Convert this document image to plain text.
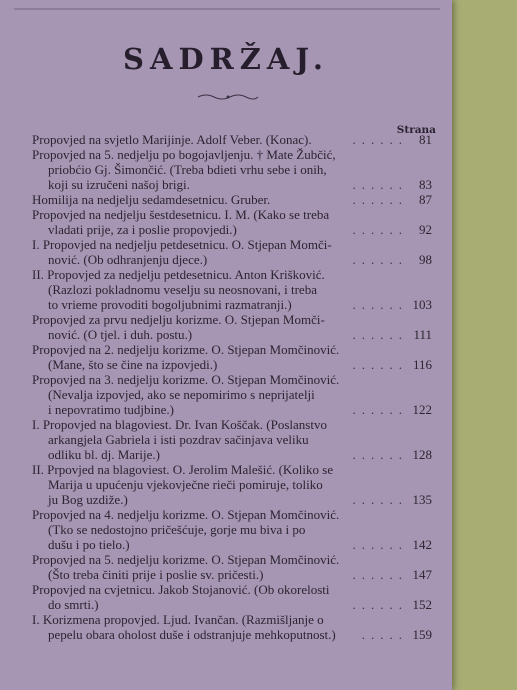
SADRŽAJ.
Strana
Propovjed na svjetlo Marijinje. Adolf Veber. (Konac).	81
......
Propovjed na 5. nedjelju po bogojavljenju. † Mate Žubčić,
priobćio Gj. Šimončić. (Treba bdieti vrhu sebe i onih,
koji su izručeni našoj brigi.	83
......
Homilija na nedjelju sedamdesetnicu. Gruber.	87
......
Propovjed na nedjelju šestdesetnicu. I. M. (Kako se treba
vladati prije, za i poslie propovjedi.)	92
......
I. Propovjed na nedjelju petdesetnicu. O. Stjepan Momči-
nović. (Ob odhranjenju djece.)	98
......
II. Propovjed za nedjelju petdesetnicu. Anton Krišković.
(Razlozi pokladnomu veselju su neosnovani, i treba
to vrieme provoditi bogoljubnimi razmatranji.)	103
......
Propovjed za prvu nedjelju korizme. O. Stjepan Momči-
nović. (O tjel. i duh. postu.)	111
......
Propovjed na 2. nedjelju korizme. O. Stjepan Momčinović.
(Mane, što se čine na izpovjedi.)	116
......
Propovjed na 3. nedjelju korizme. O. Stjepan Momčinović.
(Nevalja izpovjed, ako se nepomirimo s neprijatelji
i nepovratimo tudjbine.)	122
......
I. Propovjed na blagoviest. Dr. Ivan Koščak. (Poslanstvo
arkangjela Gabriela i isti pozdrav sačinjava veliku
odliku bl. dj. Marije.)	128
......
II. Prpovjed na blagoviest. O. Jerolim Malešić. (Koliko se
Marija u upućenju vjekovječne rieči pomiruje, toliko
ju Bog uzdiže.)	135
......
Propovjed na 4. nedjelju korizme. O. Stjepan Momčinović.
(Tko se nedostojno pričešćuje, gorje mu biva i po
dušu i po tielo.)	142
......
Propovjed na 5. nedjelju korizme. O. Stjepan Momčinović.
(Što treba činiti prije i poslie sv. pričesti.)	147
......
Propovjed na cvjetnicu. Jakob Stojanović. (Ob okorelosti
do smrti.)	152
......
I. Korizmena propovjed. Ljud. Ivančan. (Razmišljanje o
pepelu obara oholost duše i odstranjuje mehkoputnost.)	159
.....
